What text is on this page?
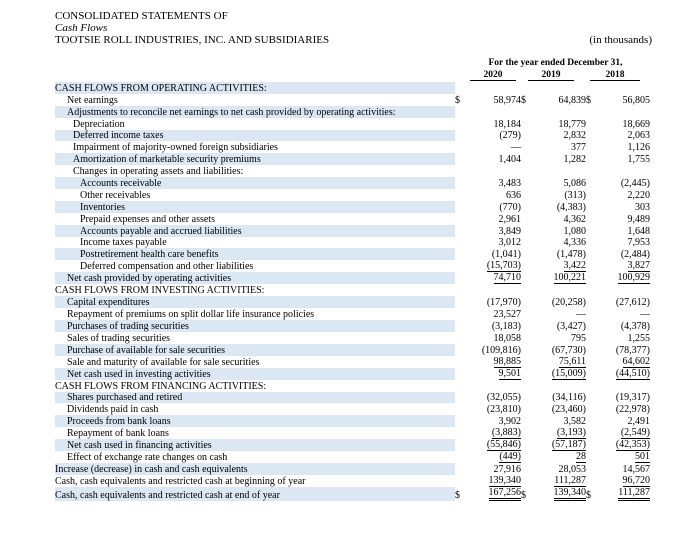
CONSOLIDATED STATEMENTS OF
Cash Flows
TOOTSIE ROLL INDUSTRIES, INC. AND SUBSIDIARIES	(in thousands)
For the year ended December 31,
2020	2019	2018
CASH FLOWS FROM OPERATING ACTIVITIES:						
Net earnings	$	58,974	$	64,839	$	56,805
Adjustments to reconcile net earnings to net cash provided by operating activities:						
Depreciation		18,184		18,779		18,669
Deferred income taxes		(279)		2,832		2,063
Impairment of majority-owned foreign subsidiaries		—		377		1,126
Amortization of marketable security premiums		1,404		1,282		1,755
Changes in operating assets and liabilities:						
Accounts receivable		3,483		5,086		(2,445)
Other receivables		636		(313)		2,220
Inventories		(770)		(4,383)		303
Prepaid expenses and other assets		2,961		4,362		9,489
Accounts payable and accrued liabilities		3,849		1,080		1,648
Income taxes payable		3,012		4,336		7,953
Postretirement health care benefits		(1,041)		(1,478)		(2,484)
Deferred compensation and other liabilities		(15,703)		3,422		3,827
Net cash provided by operating activities		74,710		100,221		100,929
CASH FLOWS FROM INVESTING ACTIVITIES:						
Capital expenditures		(17,970)		(20,258)		(27,612)
Repayment of premiums on split dollar life insurance policies		23,527		—		—
Purchases of trading securities		(3,183)		(3,427)		(4,378)
Sales of trading securities		18,058		795		1,255
Purchase of available for sale securities		(109,816)		(67,730)		(78,377)
Sale and maturity of available for sale securities		98,885		75,611		64,602
Net cash used in investing activities		9,501		(15,009)		(44,510)
CASH FLOWS FROM FINANCING ACTIVITIES:						
Shares purchased and retired		(32,055)		(34,116)		(19,317)
Dividends paid in cash		(23,810)		(23,460)		(22,978)
Proceeds from bank loans		3,902		3,582		2,491
Repayment of bank loans		(3,883)		(3,193)		(2,549)
Net cash used in financing activities		(55,846)		(57,187)		(42,353)
Effect of exchange rate changes on cash		(449)		28		501
Increase (decrease) in cash and cash equivalents		27,916		28,053		14,567
Cash, cash equivalents and restricted cash at beginning of year		139,340		111,287		96,720
Cash, cash equivalents and restricted cash at end of year	$	167,256	$	139,340	$	111,287
